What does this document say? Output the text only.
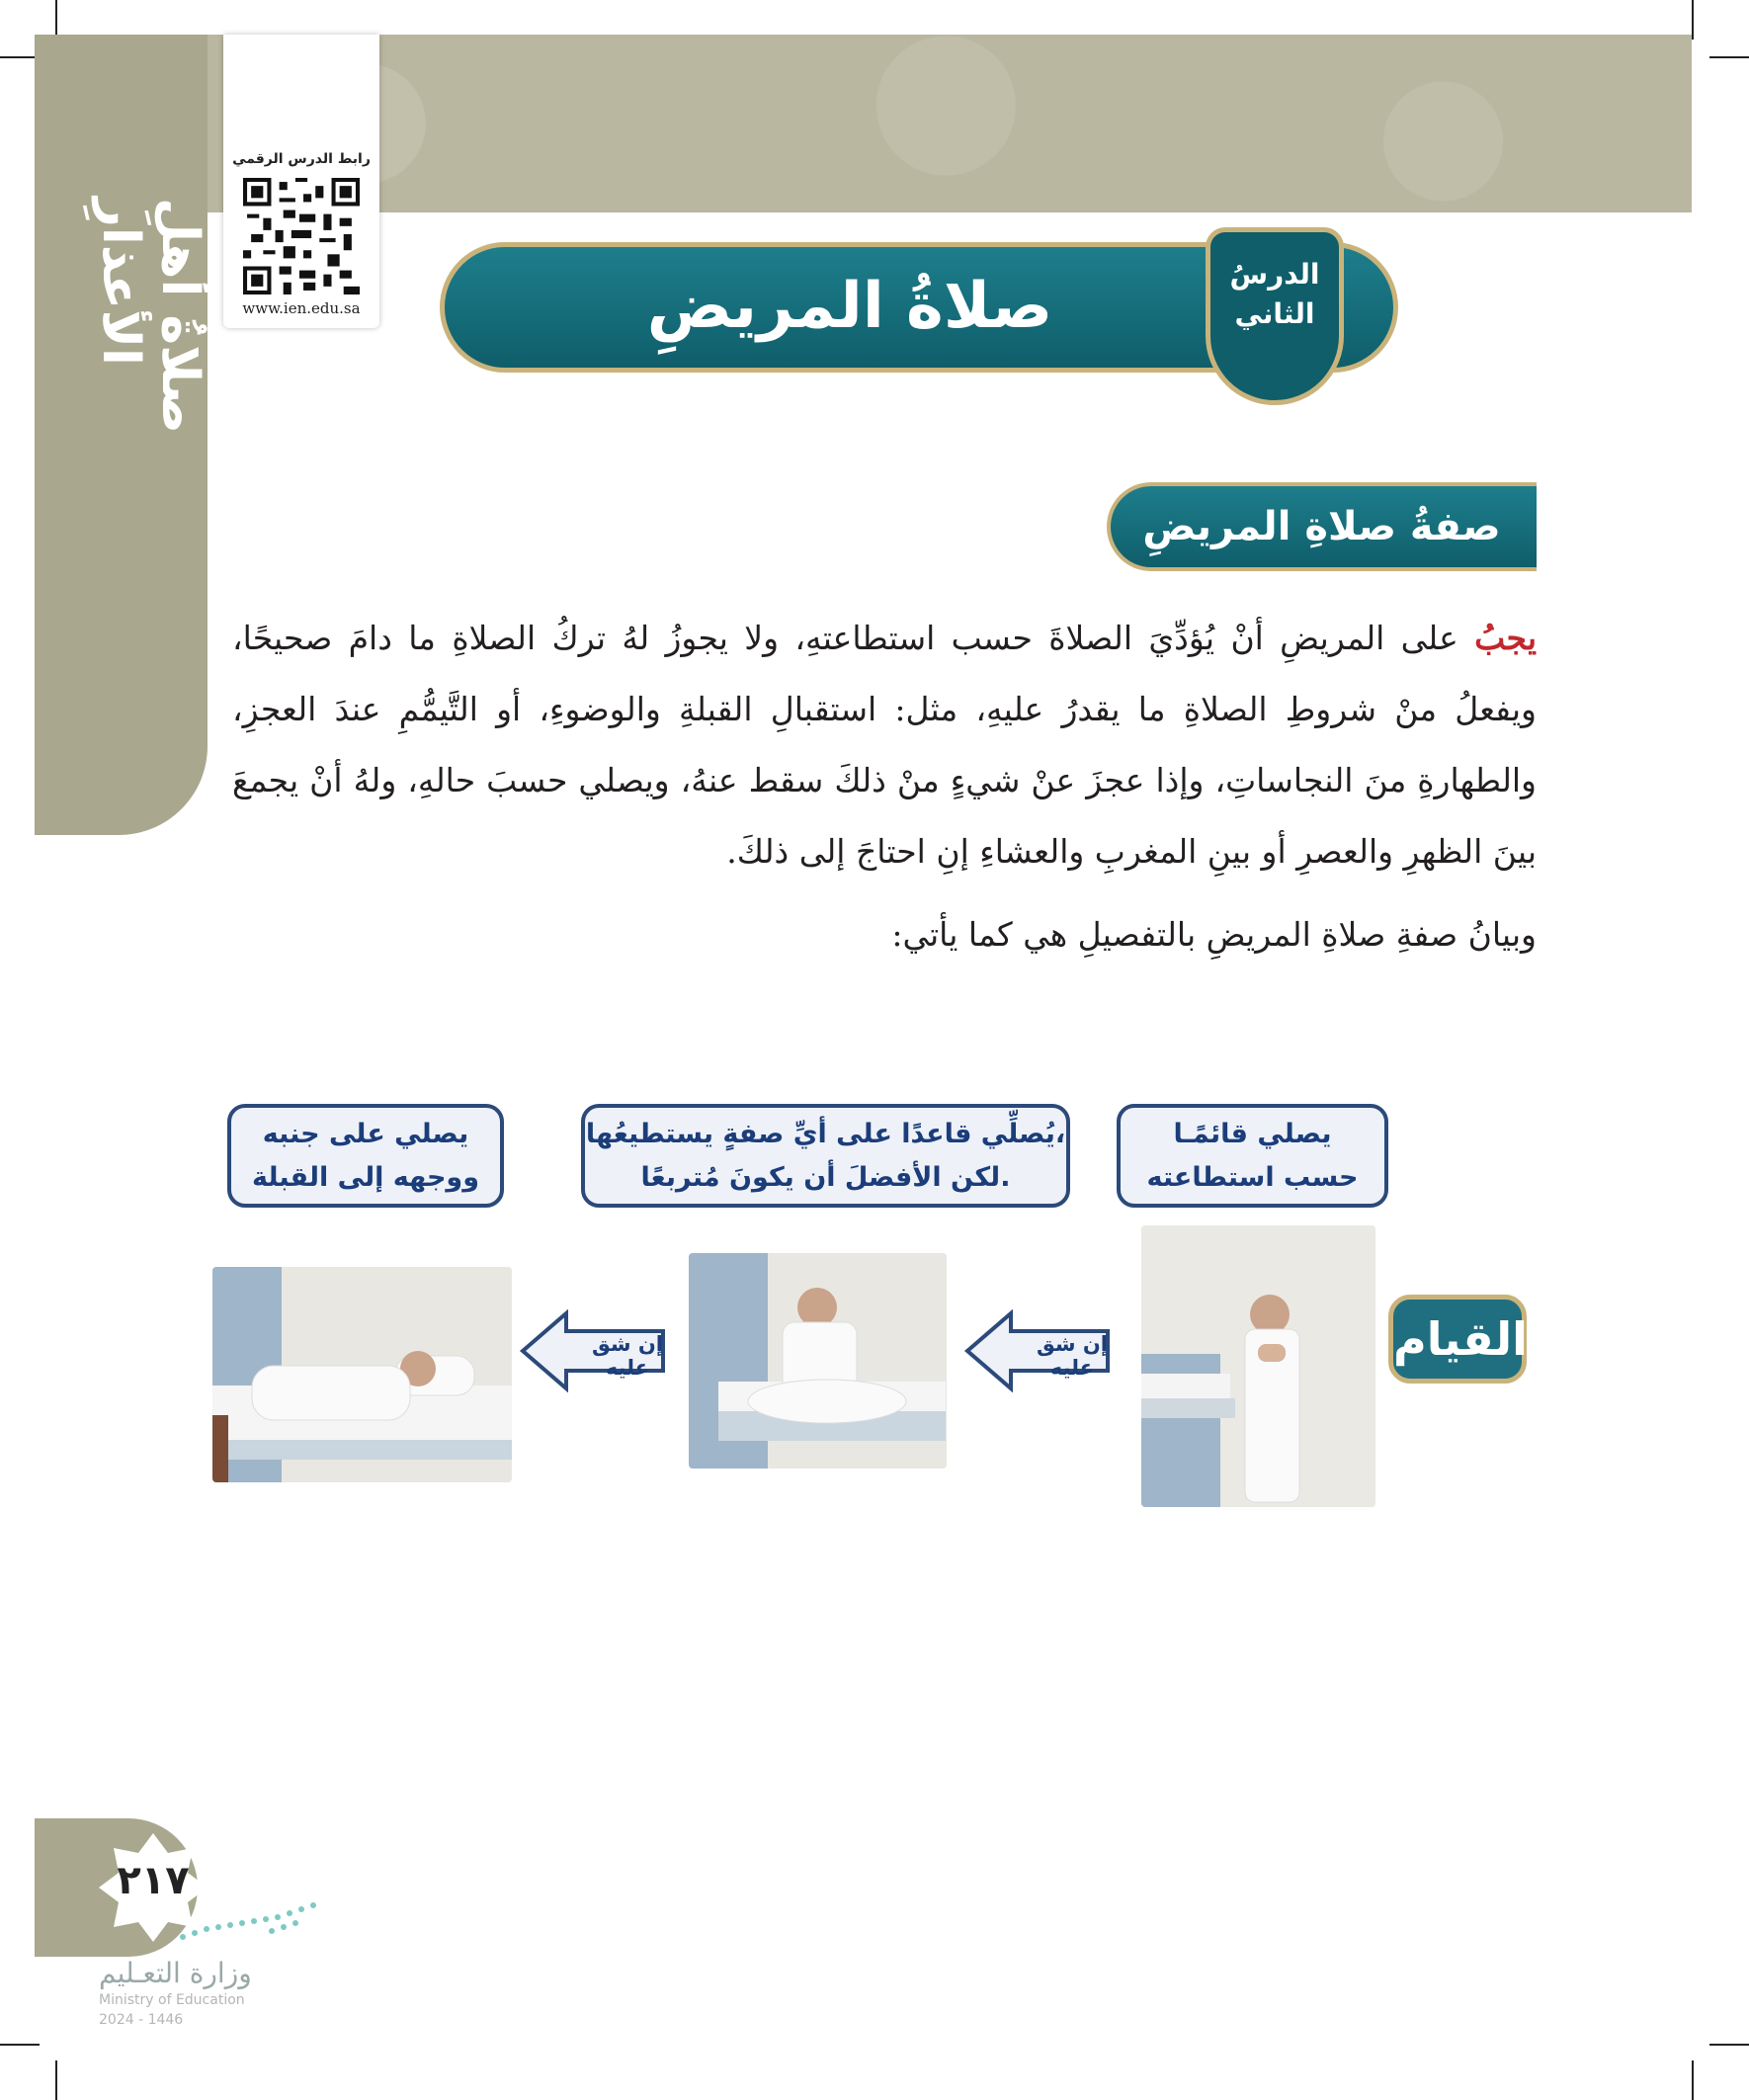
صلاةُ أهلِ الأعذارِ
رابط الدرس الرقمي
www.ien.edu.sa	صلاةُ المريضِ	الدرسُ
الثاني
صفةُ صلاةِ المريضِ
يجبُ على المريضِ أنْ يُؤدِّيَ الصلاةَ حسب استطاعتهِ، ولا يجوزُ لهُ تركُ الصلاةِ ما دامَ صحيحًا، ويفعلُ منْ شروطِ الصلاةِ ما يقدرُ عليهِ، مثل: استقبالِ القبلةِ والوضوءِ، أو التَّيمُّمِ عندَ العجزِ، والطهارةِ منَ النجاساتِ، وإذا عجزَ عنْ شيءٍ منْ ذلكَ سقط عنهُ، ويصلي حسبَ حالهِ، ولهُ أنْ يجمعَ بينَ الظهرِ والعصرِ أو بينِ المغربِ والعشاءِ إنِ احتاجَ إلى ذلكَ.
وبيانُ صفةِ صلاةِ المريضِ بالتفصيلِ هي كما يأتي:
يصلي قائمًـا
حسب استطاعته
يُصلِّي قاعدًا على أيِّ صفةٍ يستطيعُها،
لكن الأفضلَ أن يكونَ مُتربعًا.
يصلي على جنبه
ووجهه إلى القبلة
إن شق عليه
إن شق عليه
القيام
٢١٧
وزارة التعـليم
Ministry of Education
2024 - 1446
